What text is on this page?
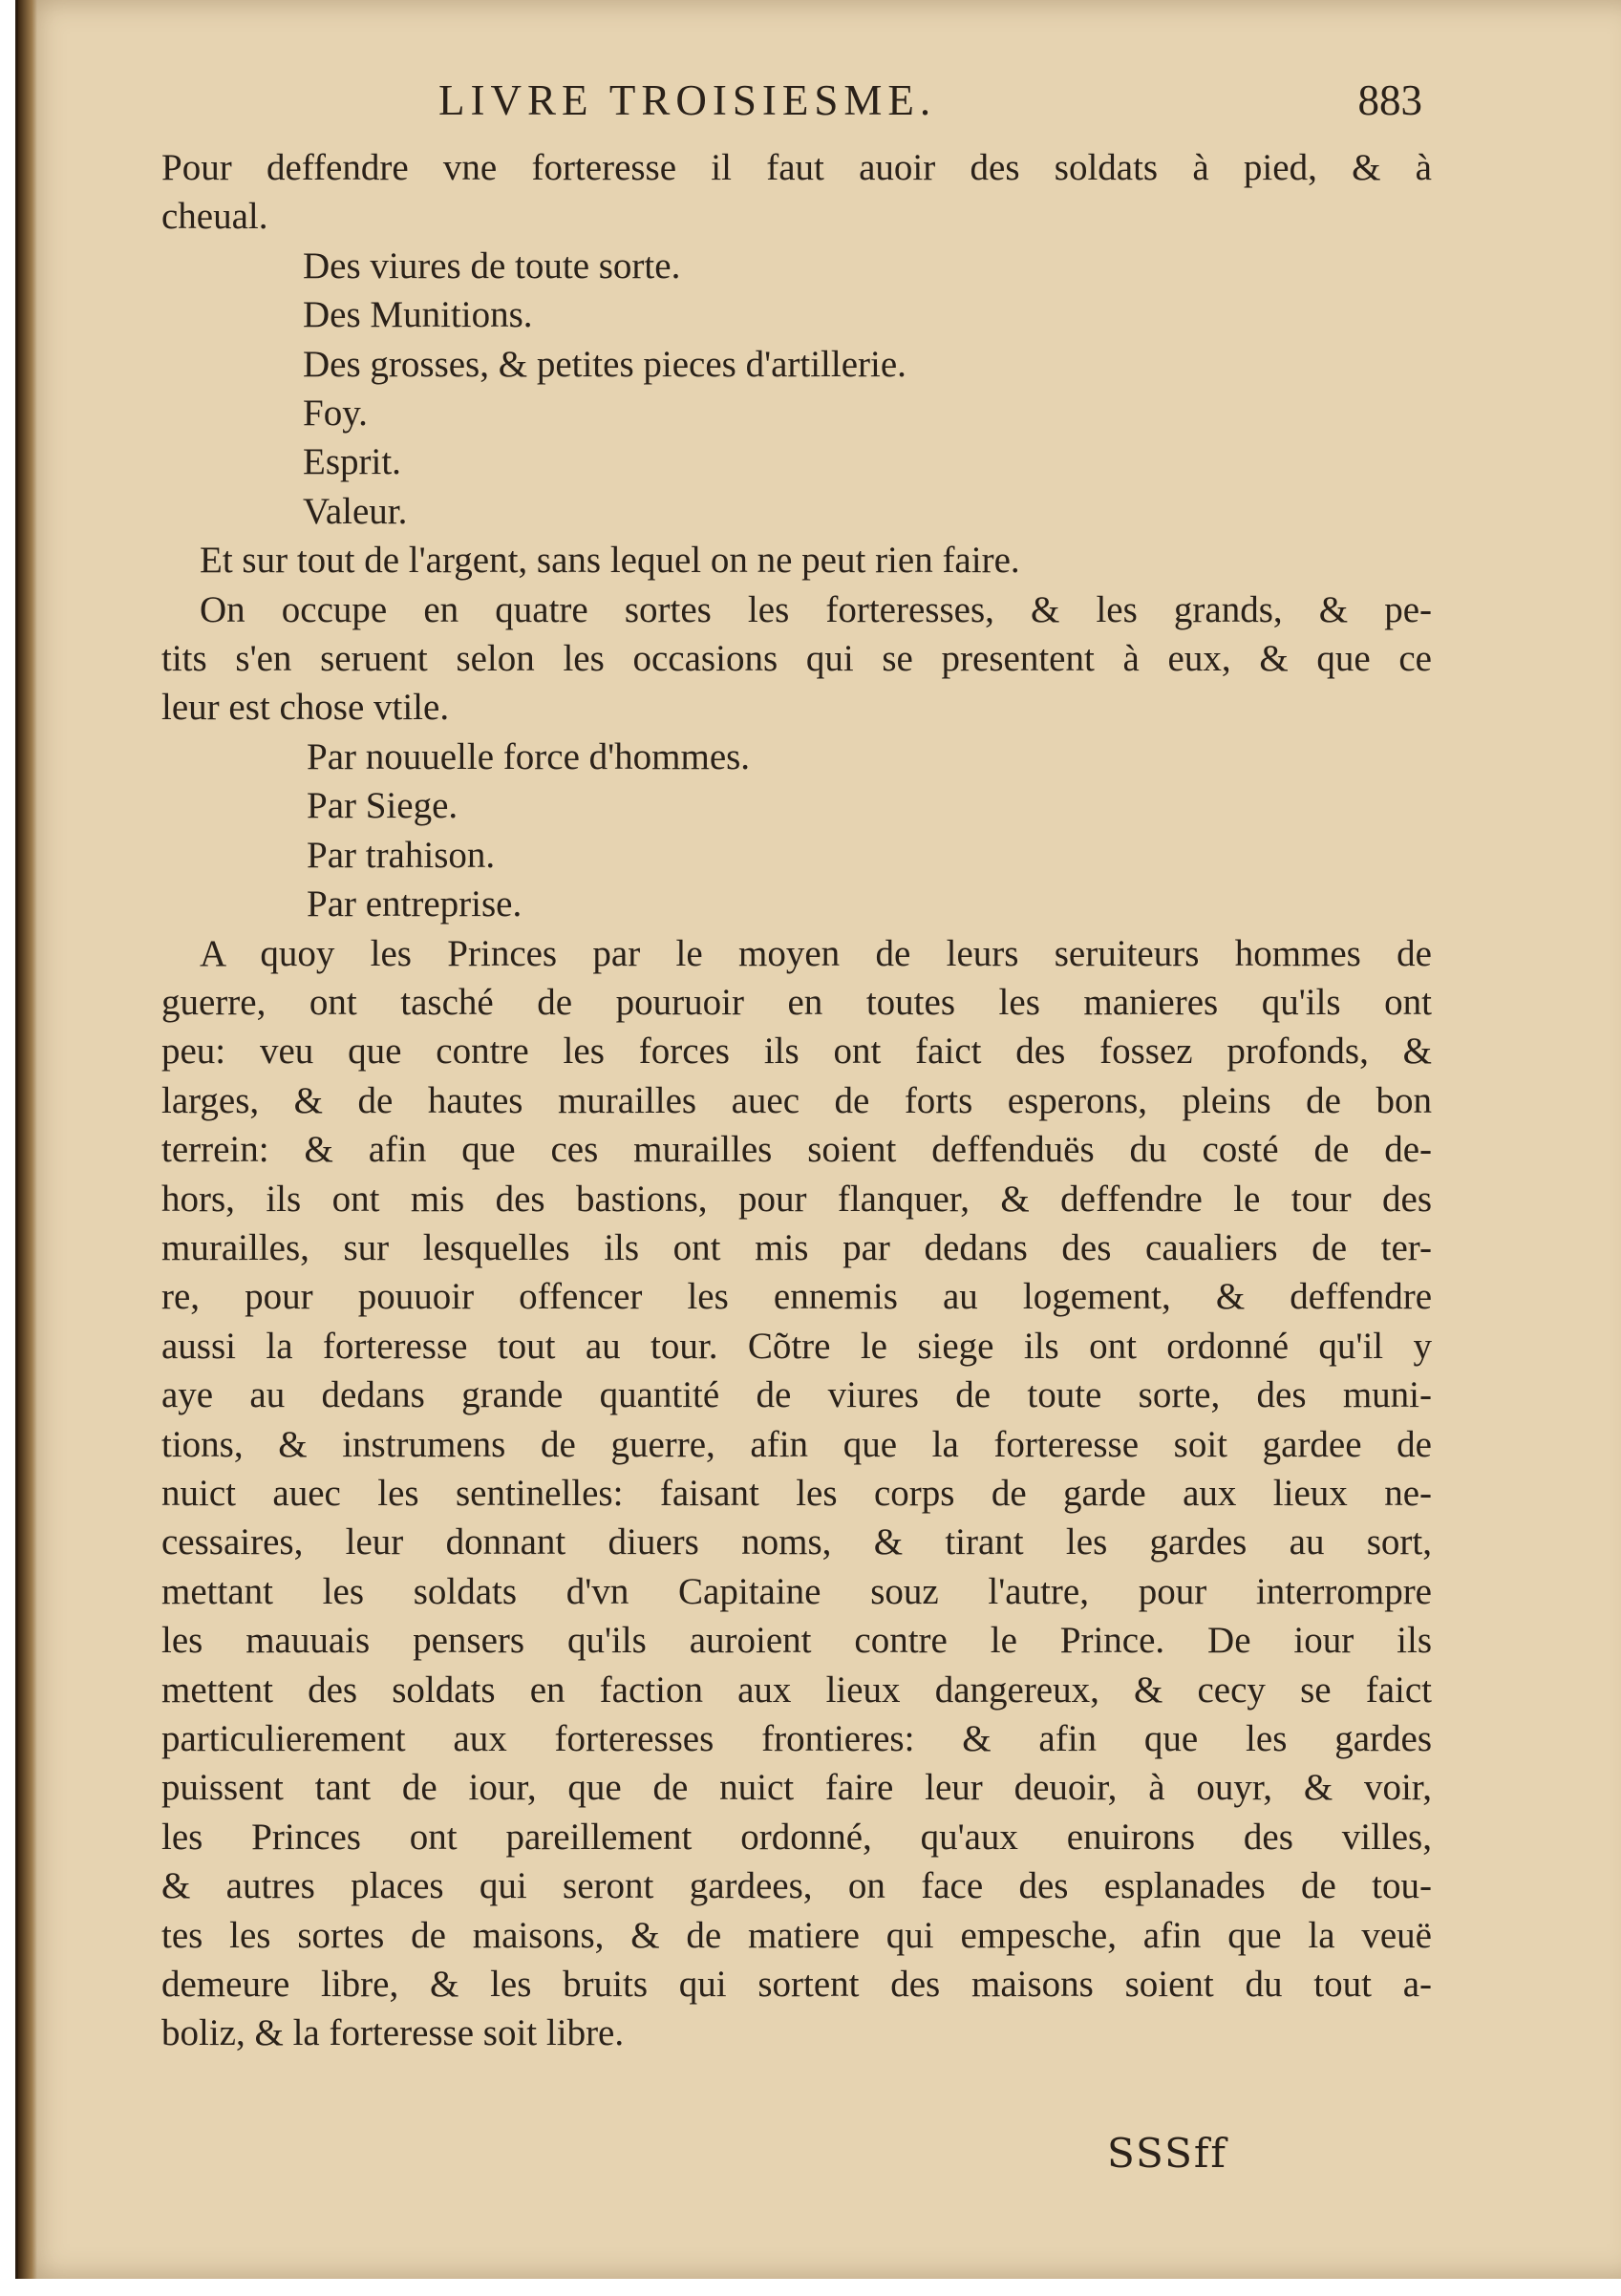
LIVRE TROISIESME.	883
Pour deffendre vne forteresse il faut auoir des soldats à pied, & à
cheual.
Des viures de toute sorte.
Des Munitions.
Des grosses, & petites pieces d'artillerie.
Foy.
Esprit.
Valeur.
Et sur tout de l'argent, sans lequel on ne peut rien faire.
On occupe en quatre sortes les forteresses, & les grands, & pe-
tits s'en seruent selon les occasions qui se presentent à eux, & que ce
leur est chose vtile.
Par nouuelle force d'hommes.
Par Siege.
Par trahison.
Par entreprise.
A quoy les Princes par le moyen de leurs seruiteurs hommes de
guerre, ont tasché de pouruoir en toutes les manieres qu'ils ont
peu: veu que contre les forces ils ont faict des fossez profonds, &
larges, & de hautes murailles auec de forts esperons, pleins de bon
terrein: & afin que ces murailles soient deffenduës du costé de de-
hors, ils ont mis des bastions, pour flanquer, & deffendre le tour des
murailles, sur lesquelles ils ont mis par dedans des caualiers de ter-
re, pour pouuoir offencer les ennemis au logement, & deffendre
aussi la forteresse tout au tour. Cõtre le siege ils ont ordonné qu'il y
aye au dedans grande quantité de viures de toute sorte, des muni-
tions, & instrumens de guerre, afin que la forteresse soit gardee de
nuict auec les sentinelles: faisant les corps de garde aux lieux ne-
cessaires, leur donnant diuers noms, & tirant les gardes au sort,
mettant les soldats d'vn Capitaine souz l'autre, pour interrompre
les mauuais pensers qu'ils auroient contre le Prince. De iour ils
mettent des soldats en faction aux lieux dangereux, & cecy se faict
particulierement aux forteresses frontieres: & afin que les gardes
puissent tant de iour, que de nuict faire leur deuoir, à ouyr, & voir,
les Princes ont pareillement ordonné, qu'aux enuirons des villes,
& autres places qui seront gardees, on face des esplanades de tou-
tes les sortes de maisons, & de matiere qui empesche, afin que la veuë
demeure libre, & les bruits qui sortent des maisons soient du tout a-
boliz, & la forteresse soit libre.
SSSff
